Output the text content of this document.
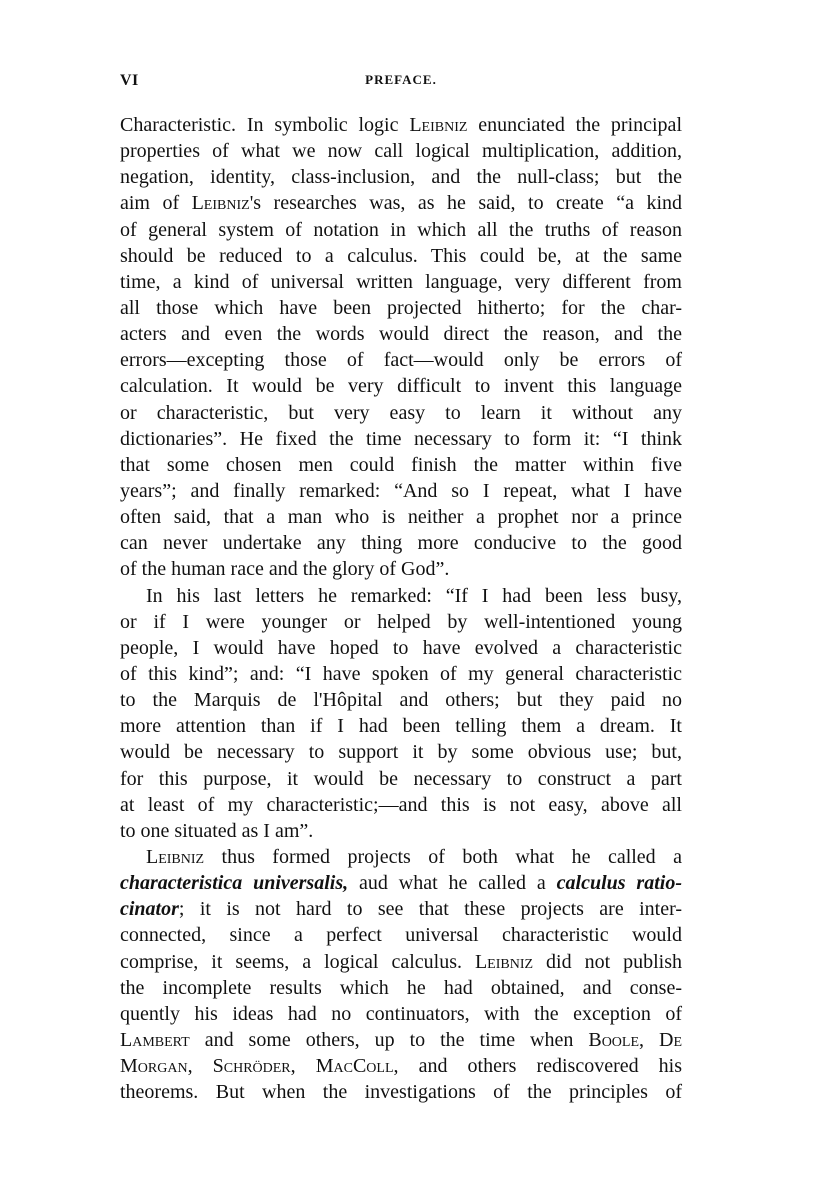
VI	PREFACE.
Characteristic. In symbolic logic Leibniz enunciated the principal
properties of what we now call logical multiplication, addition,
negation, identity, class-inclusion, and the null-class; but the
aim of Leibniz's researches was, as he said, to create “a kind
of general system of notation in which all the truths of reason
should be reduced to a calculus. This could be, at the same
time, a kind of universal written language, very different from
all those which have been projected hitherto; for the char-
acters and even the words would direct the reason, and the
errors—excepting those of fact—would only be errors of
calculation. It would be very difficult to invent this language
or characteristic, but very easy to learn it without any
dictionaries”. He fixed the time necessary to form it: “I think
that some chosen men could finish the matter within five
years”; and finally remarked: “And so I repeat, what I have
often said, that a man who is neither a prophet nor a prince
can never undertake any thing more conducive to the good
of the human race and the glory of God”.
In his last letters he remarked: “If I had been less busy,
or if I were younger or helped by well-intentioned young
people, I would have hoped to have evolved a characteristic
of this kind”; and: “I have spoken of my general characteristic
to the Marquis de l'Hôpital and others; but they paid no
more attention than if I had been telling them a dream. It
would be necessary to support it by some obvious use; but,
for this purpose, it would be necessary to construct a part
at least of my characteristic;—and this is not easy, above all
to one situated as I am”.
Leibniz thus formed projects of both what he called a
characteristica universalis, aud what he called a calculus ratio-
cinator; it is not hard to see that these projects are inter-
connected, since a perfect universal characteristic would
comprise, it seems, a logical calculus. Leibniz did not publish
the incomplete results which he had obtained, and conse-
quently his ideas had no continuators, with the exception of
Lambert and some others, up to the time when Boole, De
Morgan, Schröder, MacColl, and others rediscovered his
theorems. But when the investigations of the principles of
